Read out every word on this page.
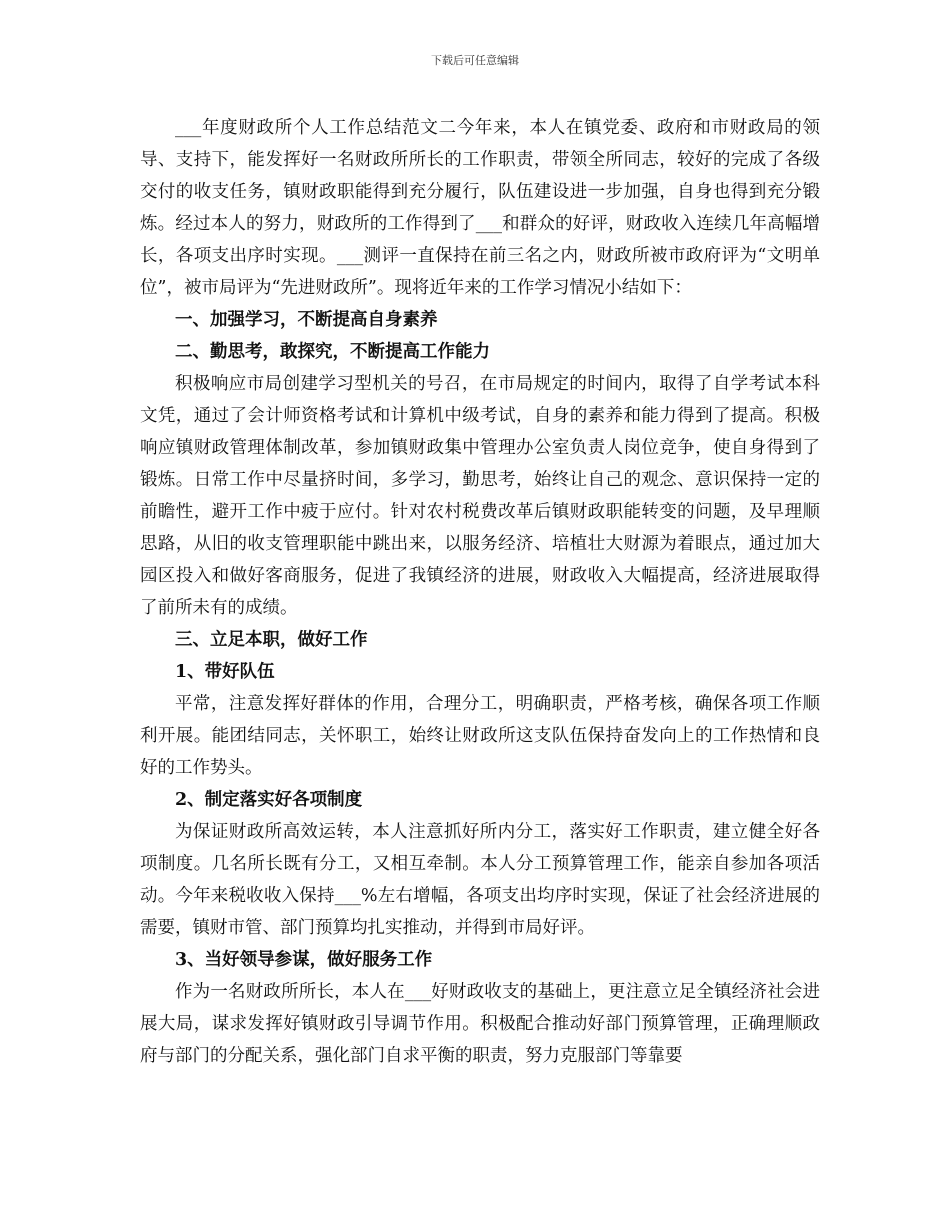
下载后可任意编辑

___年度财政所个人工作总结范文二今年来，本人在镇党委、政府和市财政局的领导、支持下，能发挥好一名财政所所长的工作职责，带领全所同志，较好的完成了各级交付的收支任务，镇财政职能得到充分履行，队伍建设进一步加强，自身也得到充分锻炼。经过本人的努力，财政所的工作得到了___和群众的好评，财政收入连续几年高幅增长，各项支出序时实现。___测评一直保持在前三名之内，财政所被市政府评为“文明单位”，被市局评为“先进财政所”。现将近年来的工作学习情况小结如下：

一、加强学习，不断提高自身素养

二、勤思考，敢探究，不断提高工作能力

积极响应市局创建学习型机关的号召，在市局规定的时间内，取得了自学考试本科文凭，通过了会计师资格考试和计算机中级考试，自身的素养和能力得到了提高。积极响应镇财政管理体制改革，参加镇财政集中管理办公室负责人岗位竞争，使自身得到了锻炼。日常工作中尽量挤时间，多学习，勤思考，始终让自己的观念、意识保持一定的前瞻性，避开工作中疲于应付。针对农村税费改革后镇财政职能转变的问题，及早理顺思路，从旧的收支管理职能中跳出来，以服务经济、培植壮大财源为着眼点，通过加大园区投入和做好客商服务，促进了我镇经济的进展，财政收入大幅提高，经济进展取得了前所未有的成绩。

三、立足本职，做好工作

1、带好队伍

平常，注意发挥好群体的作用，合理分工，明确职责，严格考核，确保各项工作顺利开展。能团结同志，关怀职工，始终让财政所这支队伍保持奋发向上的工作热情和良好的工作势头。

2、制定落实好各项制度

为保证财政所高效运转，本人注意抓好所内分工，落实好工作职责，建立健全好各项制度。几名所长既有分工，又相互牵制。本人分工预算管理工作，能亲自参加各项活动。今年来税收收入保持___%左右增幅，各项支出均序时实现，保证了社会经济进展的需要，镇财市管、部门预算均扎实推动，并得到市局好评。

3、当好领导参谋，做好服务工作

作为一名财政所所长，本人在___好财政收支的基础上，更注意立足全镇经济社会进展大局，谋求发挥好镇财政引导调节作用。积极配合推动好部门预算管理，正确理顺政府与部门的分配关系，强化部门自求平衡的职责，努力克服部门等靠要
